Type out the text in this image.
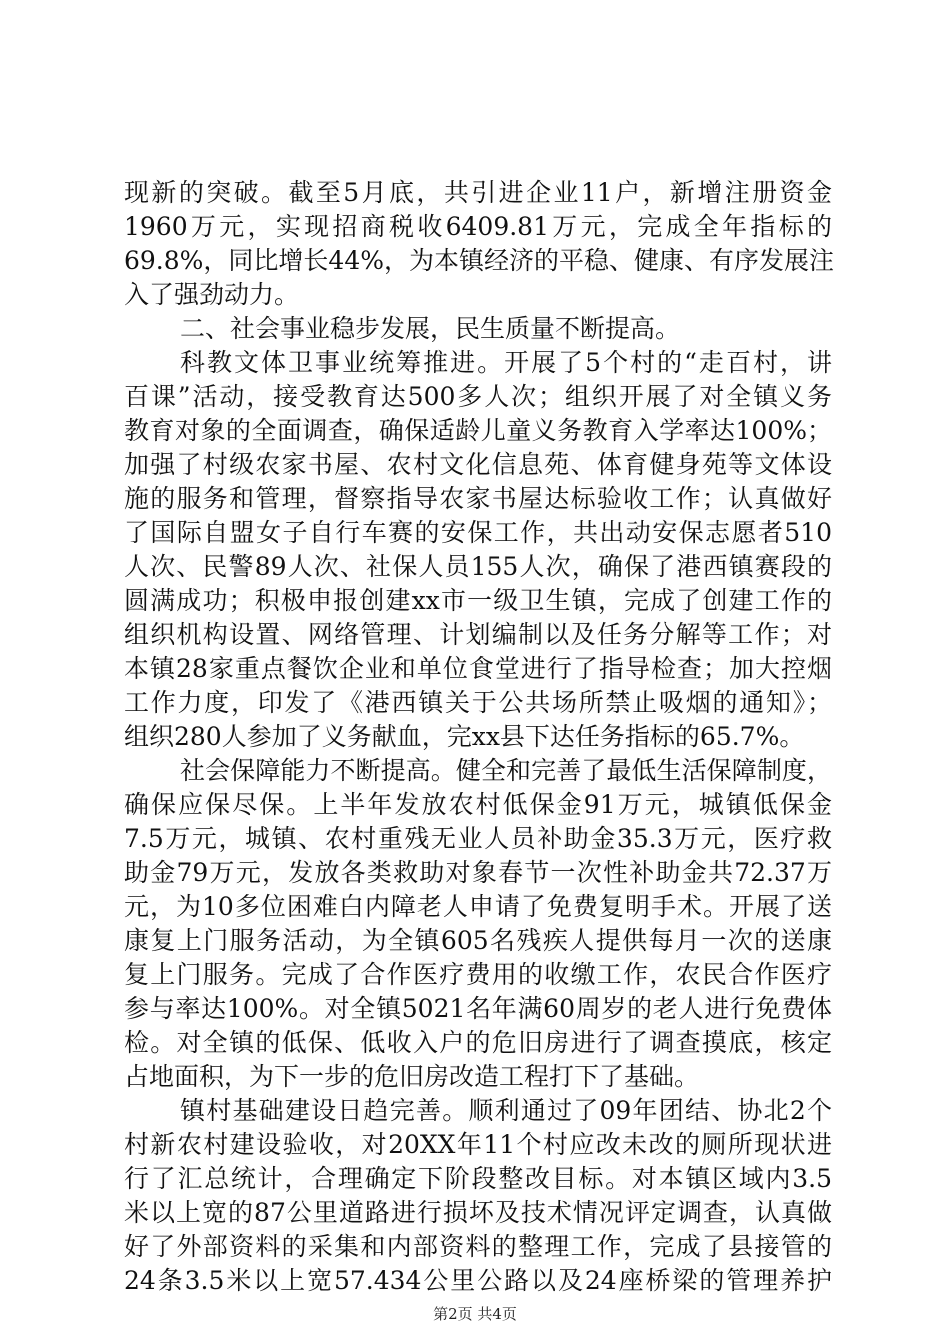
现新的突破。截至5月底，共引进企业11户，新增注册资金
1960万元，实现招商税收6409.81万元，完成全年指标的
69.8%，同比增长44%，为本镇经济的平稳、健康、有序发展注
入了强劲动力。
二、社会事业稳步发展，民生质量不断提高。
科教文体卫事业统筹推进。开展了5个村的“走百村，讲
百课”活动，接受教育达500多人次；组织开展了对全镇义务
教育对象的全面调查，确保适龄儿童义务教育入学率达100%；
加强了村级农家书屋、农村文化信息苑、体育健身苑等文体设
施的服务和管理，督察指导农家书屋达标验收工作；认真做好
了国际自盟女子自行车赛的安保工作，共出动安保志愿者510
人次、民警89人次、社保人员155人次，确保了港西镇赛段的
圆满成功；积极申报创建xx市一级卫生镇，完成了创建工作的
组织机构设置、网络管理、计划编制以及任务分解等工作；对
本镇28家重点餐饮企业和单位食堂进行了指导检查；加大控烟
工作力度，印发了《港西镇关于公共场所禁止吸烟的通知》；
组织280人参加了义务献血，完xx县下达任务指标的65.7%。
社会保障能力不断提高。健全和完善了最低生活保障制度，
确保应保尽保。上半年发放农村低保金91万元，城镇低保金
7.5万元，城镇、农村重残无业人员补助金35.3万元，医疗救
助金79万元，发放各类救助对象春节一次性补助金共72.37万
元，为10多位困难白内障老人申请了免费复明手术。开展了送
康复上门服务活动，为全镇605名残疾人提供每月一次的送康
复上门服务。完成了合作医疗费用的收缴工作，农民合作医疗
参与率达100%。对全镇5021名年满60周岁的老人进行免费体
检。对全镇的低保、低收入户的危旧房进行了调查摸底，核定
占地面积，为下一步的危旧房改造工程打下了基础。
镇村基础建设日趋完善。顺利通过了09年团结、协北2个
村新农村建设验收，对20XX年11个村应改未改的厕所现状进
行了汇总统计，合理确定下阶段整改目标。对本镇区域内3.5
米以上宽的87公里道路进行损坏及技术情况评定调查，认真做
好了外部资料的采集和内部资料的整理工作，完成了县接管的
24条3.5米以上宽57.434公里公路以及24座桥梁的管理养护
第2页 共4页
